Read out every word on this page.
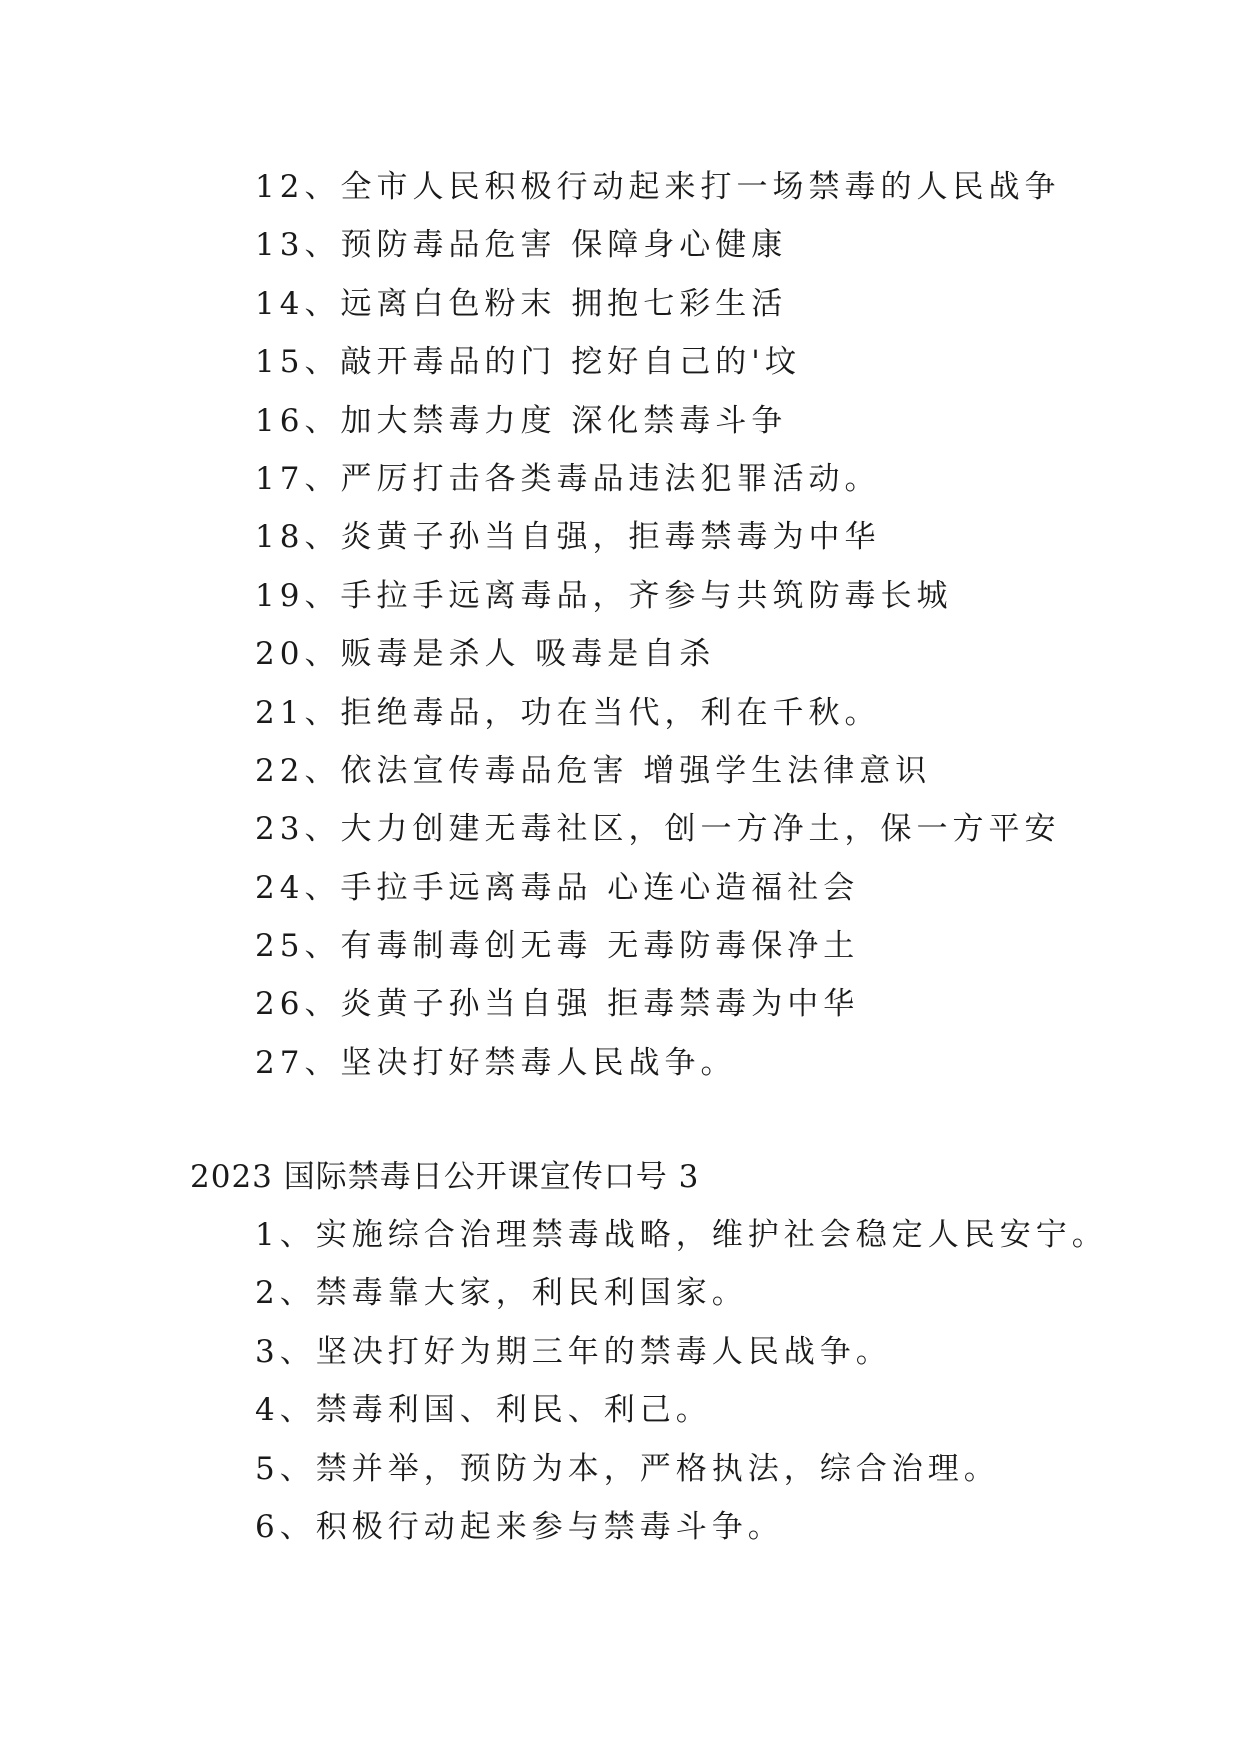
12、全市人民积极行动起来打一场禁毒的人民战争
13、预防毒品危害 保障身心健康
14、远离白色粉末 拥抱七彩生活
15、敲开毒品的门 挖好自己的'坟
16、加大禁毒力度 深化禁毒斗争
17、严厉打击各类毒品违法犯罪活动。
18、炎黄子孙当自强，拒毒禁毒为中华
19、手拉手远离毒品，齐参与共筑防毒长城
20、贩毒是杀人 吸毒是自杀
21、拒绝毒品，功在当代，利在千秋。
22、依法宣传毒品危害 增强学生法律意识
23、大力创建无毒社区，创一方净土，保一方平安
24、手拉手远离毒品 心连心造福社会
25、有毒制毒创无毒 无毒防毒保净土
26、炎黄子孙当自强 拒毒禁毒为中华
27、坚决打好禁毒人民战争。
2023 国际禁毒日公开课宣传口号 3
1、实施综合治理禁毒战略，维护社会稳定人民安宁。
2、禁毒靠大家，利民利国家。
3、坚决打好为期三年的禁毒人民战争。
4、禁毒利国、利民、利己。
5、禁并举，预防为本，严格执法，综合治理。
6、积极行动起来参与禁毒斗争。
